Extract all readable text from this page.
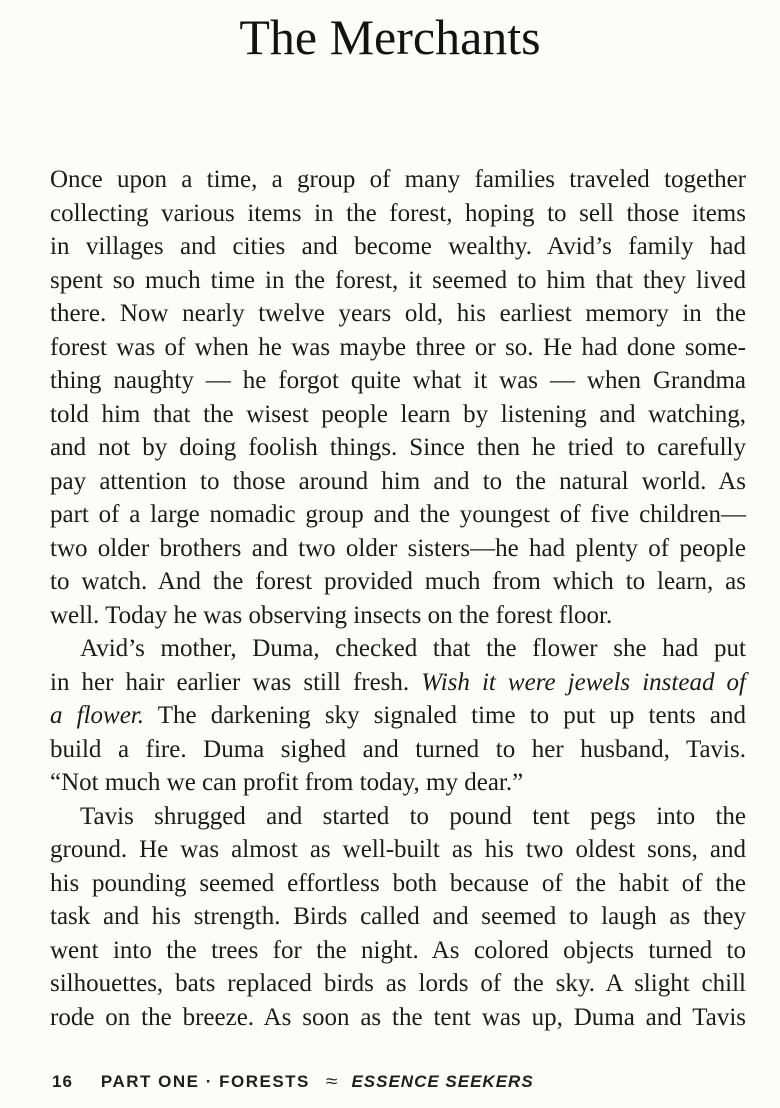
The Merchants
Once upon a time, a group of many families traveled together
collecting various items in the forest, hoping to sell those items
in villages and cities and become wealthy. Avid’s family had
spent so much time in the forest, it seemed to him that they lived
there. Now nearly twelve years old, his earliest memory in the
forest was of when he was maybe three or so. He had done some-
thing naughty — he forgot quite what it was — when Grandma
told him that the wisest people learn by listening and watching,
and not by doing foolish things. Since then he tried to carefully
pay attention to those around him and to the natural world. As
part of a large nomadic group and the youngest of five children—
two older brothers and two older sisters—he had plenty of people
to watch. And the forest provided much from which to learn, as
well. Today he was observing insects on the forest floor.
Avid’s mother, Duma, checked that the flower she had put
in her hair earlier was still fresh. Wish it were jewels instead of
a flower. The darkening sky signaled time to put up tents and
build a fire. Duma sighed and turned to her husband, Tavis.
“Not much we can profit from today, my dear.”
Tavis shrugged and started to pound tent pegs into the
ground. He was almost as well-built as his two oldest sons, and
his pounding seemed effortless both because of the habit of the
task and his strength. Birds called and seemed to laugh as they
went into the trees for the night. As colored objects turned to
silhouettes, bats replaced birds as lords of the sky. A slight chill
rode on the breeze. As soon as the tent was up, Duma and Tavis
16 PART ONE · FORESTS ≈ ESSENCE SEEKERS
